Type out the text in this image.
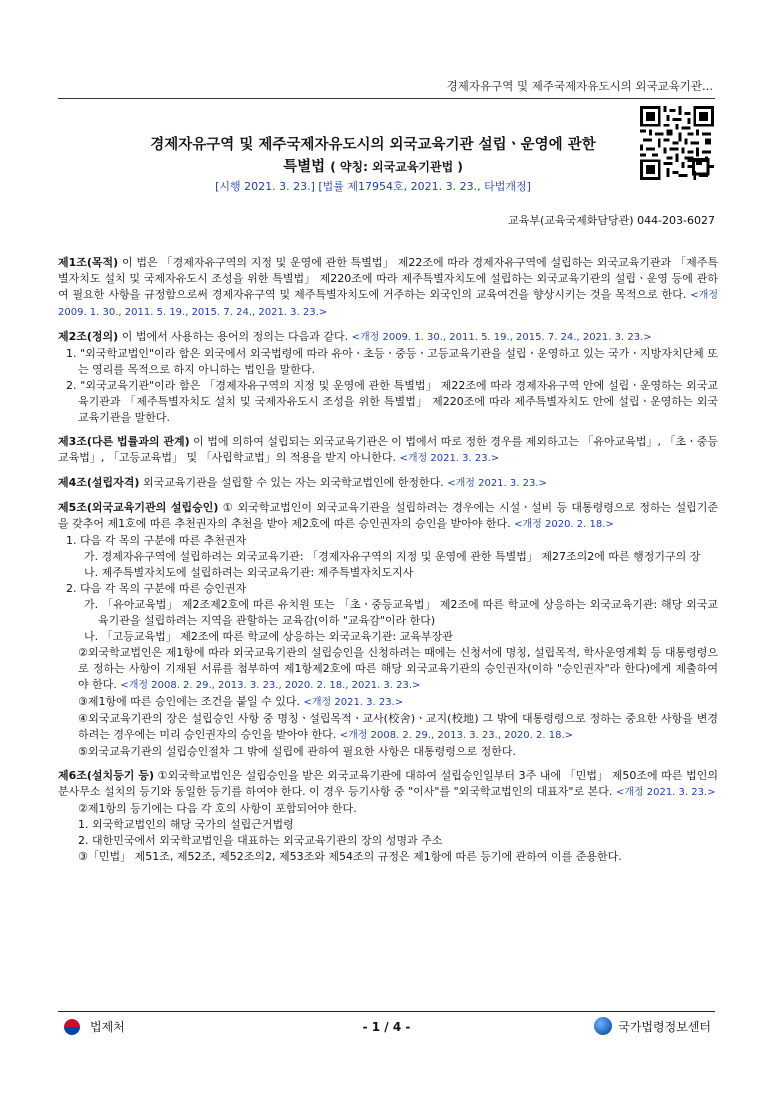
경제자유구역 및 제주국제자유도시의 외국교육기관...
경제자유구역 및 제주국제자유도시의 외국교육기관 설립ㆍ운영에 관한
특별법 ( 약칭: 외국교육기관법 )
[시행 2021. 3. 23.] [법률 제17954호, 2021. 3. 23., 타법개정]
교육부(교육국제화담당관) 044-203-6027
제1조(목적) 이 법은 「경제자유구역의 지정 및 운영에 관한 특별법」 제22조에 따라 경제자유구역에 설립하는 외국교육기관과 「제주특별자치도 설치 및 국제자유도시 조성을 위한 특별법」 제220조에 따라 제주특별자치도에 설립하는 외국교육기관의 설립ㆍ운영 등에 관하여 필요한 사항을 규정함으로써 경제자유구역 및 제주특별자치도에 거주하는 외국인의 교육여건을 향상시키는 것을 목적으로 한다. <개정 2009. 1. 30., 2011. 5. 19., 2015. 7. 24., 2021. 3. 23.>
제2조(정의) 이 법에서 사용하는 용어의 정의는 다음과 같다. <개정 2009. 1. 30., 2011. 5. 19., 2015. 7. 24., 2021. 3. 23.>
1. "외국학교법인"이라 함은 외국에서 외국법령에 따라 유아ㆍ초등ㆍ중등ㆍ고등교육기관을 설립ㆍ운영하고 있는 국가ㆍ지방자치단체 또는 영리를 목적으로 하지 아니하는 법인을 말한다.
2. "외국교육기관"이라 함은 「경제자유구역의 지정 및 운영에 관한 특별법」 제22조에 따라 경제자유구역 안에 설립ㆍ운영하는 외국교육기관과 「제주특별자치도 설치 및 국제자유도시 조성을 위한 특별법」 제220조에 따라 제주특별자치도 안에 설립ㆍ운영하는 외국교육기관을 말한다.
제3조(다른 법률과의 관계) 이 법에 의하여 설립되는 외국교육기관은 이 법에서 따로 정한 경우를 제외하고는 「유아교육법」, 「초ㆍ중등교육법」, 「고등교육법」 및 「사립학교법」의 적용을 받지 아니한다. <개정 2021. 3. 23.>
제4조(설립자격) 외국교육기관을 설립할 수 있는 자는 외국학교법인에 한정한다. <개정 2021. 3. 23.>
제5조(외국교육기관의 설립승인) ① 외국학교법인이 외국교육기관을 설립하려는 경우에는 시설ㆍ설비 등 대통령령으로 정하는 설립기준을 갖추어 제1호에 따른 추천권자의 추천을 받아 제2호에 따른 승인권자의 승인을 받아야 한다. <개정 2020. 2. 18.>
1. 다음 각 목의 구분에 따른 추천권자
가. 경제자유구역에 설립하려는 외국교육기관: 「경제자유구역의 지정 및 운영에 관한 특별법」 제27조의2에 따른 행정기구의 장
나. 제주특별자치도에 설립하려는 외국교육기관: 제주특별자치도지사
2. 다음 각 목의 구분에 따른 승인권자
가. 「유아교육법」 제2조제2호에 따른 유치원 또는 「초ㆍ중등교육법」 제2조에 따른 학교에 상응하는 외국교육기관: 해당 외국교육기관을 설립하려는 지역을 관할하는 교육감(이하 "교육감"이라 한다)
나. 「고등교육법」 제2조에 따른 학교에 상응하는 외국교육기관: 교육부장관
②외국학교법인은 제1항에 따라 외국교육기관의 설립승인을 신청하려는 때에는 신청서에 명칭, 설립목적, 학사운영계획 등 대통령령으로 정하는 사항이 기재된 서류를 첨부하여 제1항제2호에 따른 해당 외국교육기관의 승인권자(이하 "승인권자"라 한다)에게 제출하여야 한다. <개정 2008. 2. 29., 2013. 3. 23., 2020. 2. 18., 2021. 3. 23.>
③제1항에 따른 승인에는 조건을 붙일 수 있다. <개정 2021. 3. 23.>
④외국교육기관의 장은 설립승인 사항 중 명칭ㆍ설립목적ㆍ교사(校舍)ㆍ교지(校地) 그 밖에 대통령령으로 정하는 중요한 사항을 변경하려는 경우에는 미리 승인권자의 승인을 받아야 한다. <개정 2008. 2. 29., 2013. 3. 23., 2020. 2. 18.>
⑤외국교육기관의 설립승인절차 그 밖에 설립에 관하여 필요한 사항은 대통령령으로 정한다.
제6조(설치등기 등) ①외국학교법인은 설립승인을 받은 외국교육기관에 대하여 설립승인일부터 3주 내에 「민법」 제50조에 따른 법인의 분사무소 설치의 등기와 동일한 등기를 하여야 한다. 이 경우 등기사항 중 "이사"를 "외국학교법인의 대표자"로 본다. <개정 2021. 3. 23.>
②제1항의 등기에는 다음 각 호의 사항이 포함되어야 한다.
1. 외국학교법인의 해당 국가의 설립근거법령
2. 대한민국에서 외국학교법인을 대표하는 외국교육기관의 장의 성명과 주소
③「민법」 제51조, 제52조, 제52조의2, 제53조와 제54조의 규정은 제1항에 따른 등기에 관하여 이를 준용한다.
법제처	- 1 / 4 -	국가법령정보센터
